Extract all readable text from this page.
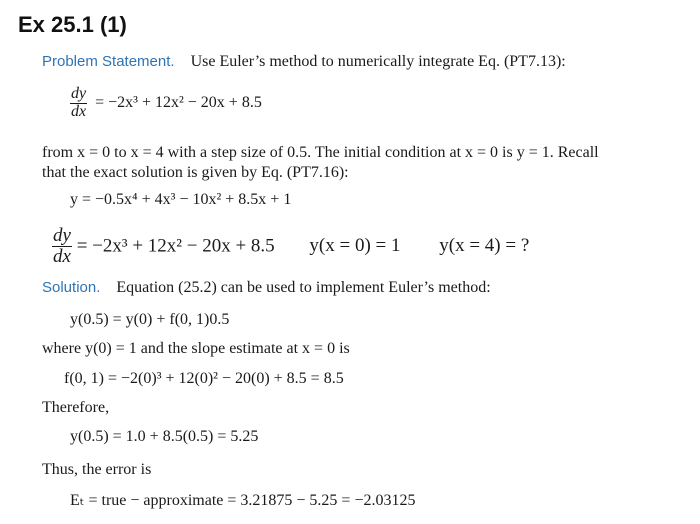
Ex 25.1 (1)
Problem Statement. Use Euler’s method to numerically integrate Eq. (PT7.13):
$\frac{dy}{dx} = -2x^3 + 12x^2 - 20x + 8.5$
from x = 0 to x = 4 with a step size of 0.5. The initial condition at x = 0 is y = 1. Recall
that the exact solution is given by Eq. (PT7.16):
y = −0.5x⁴ + 4x³ − 10x² + 8.5x + 1
$\frac{dy}{dx} = -2x^3 + 12x^2 - 20x + 8.5$ y(x = 0) = 1 y(x = 4) = ?
Solution. Equation (25.2) can be used to implement Euler’s method:
y(0.5) = y(0) + f(0, 1)0.5
where y(0) = 1 and the slope estimate at x = 0 is
f(0, 1) = −2(0)³ + 12(0)² − 20(0) + 8.5 = 8.5
Therefore,
y(0.5) = 1.0 + 8.5(0.5) = 5.25
Thus, the error is
Eₜ = true − approximate = 3.21875 − 5.25 = −2.03125
